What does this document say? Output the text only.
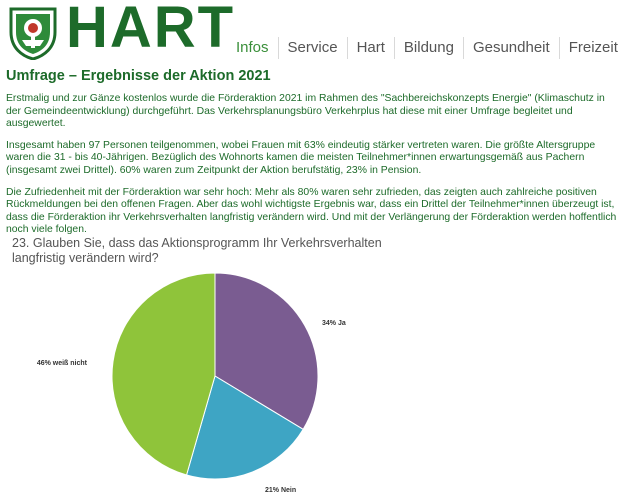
HART Infos	Service	Hart	Bildung	Gesundheit	Freizeit
Umfrage – Ergebnisse der Aktion 2021

Erstmalig und zur Gänze kostenlos wurde die Förderaktion 2021 im Rahmen des "Sachbereichskonzepts Energie" (Klimaschutz in der Gemeindeentwicklung) durchgeführt. Das Verkehrsplanungsbüro Verkehrplus hat diese mit einer Umfrage begleitet und ausgewertet.

Insgesamt haben 97 Personen teilgenommen, wobei Frauen mit 63% eindeutig stärker vertreten waren. Die größte Altersgruppe waren die 31 - bis 40-Jährigen. Bezüglich des Wohnorts kamen die meisten Teilnehmer*innen erwartungsgemäß aus Pachern (insgesamt zwei Drittel). 60% waren zum Zeitpunkt der Aktion berufstätig, 23% in Pension.

Die Zufriedenheit mit der Förderaktion war sehr hoch: Mehr als 80% waren sehr zufrieden, das zeigten auch zahlreiche positiven Rückmeldungen bei den offenen Fragen. Aber das wohl wichtigste Ergebnis war, dass ein Drittel der Teilnehmer*innen überzeugt ist, dass die Förderaktion ihr Verkehrsverhalten langfristig verändern wird. Und mit der Verlängerung der Förderaktion werden hoffentlich noch viele folgen.

23. Glauben Sie, dass das Aktionsprogramm Ihr Verkehrsverhalten langfristig verändern wird?
34% Ja
21% Nein
46% weiß nicht
